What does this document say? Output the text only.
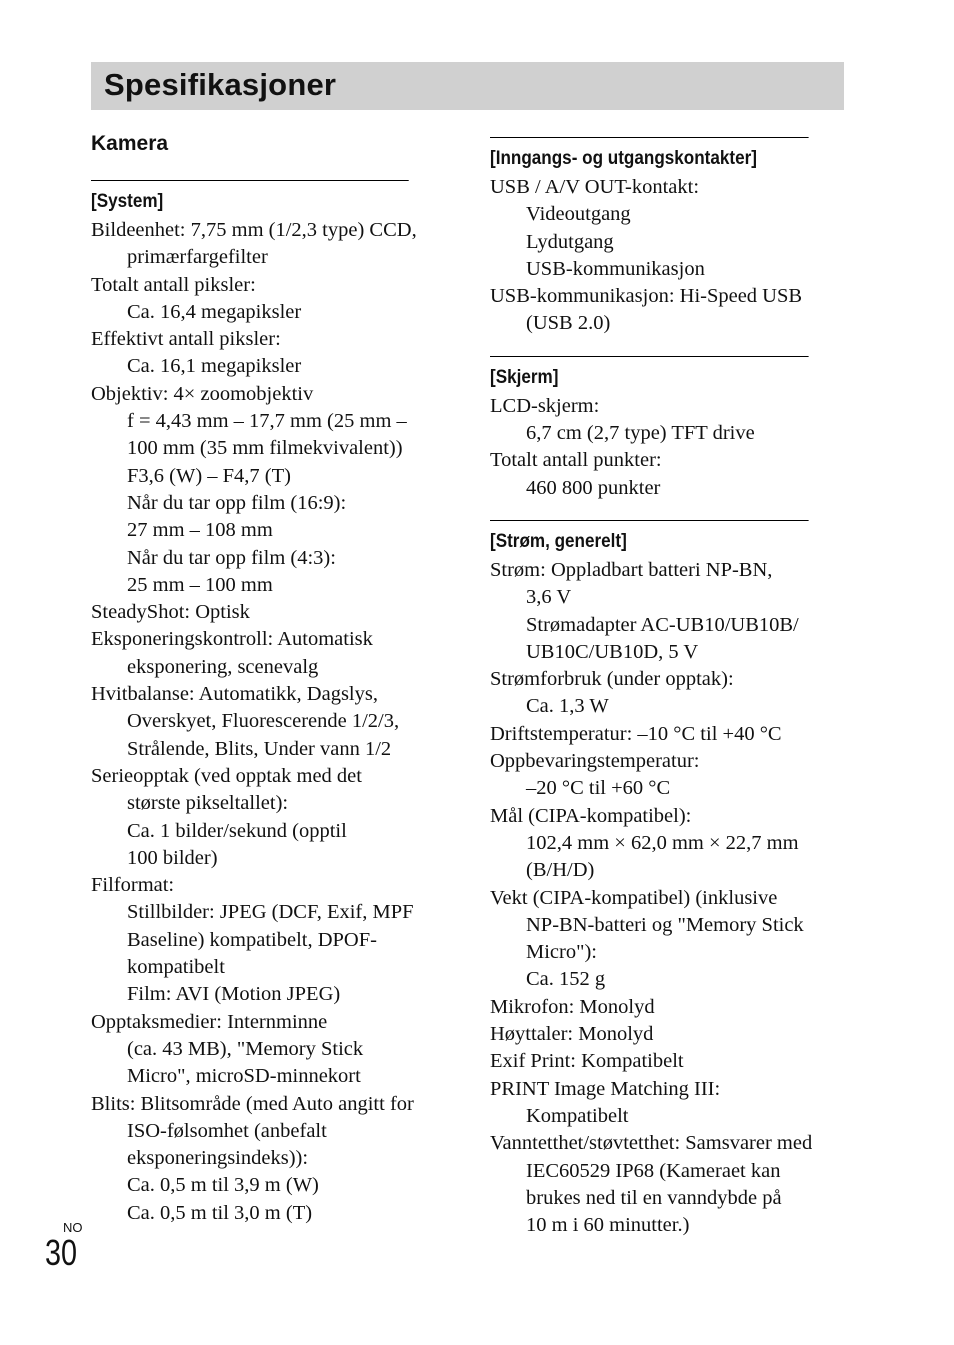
Spesifikasjoner
Kamera
[System]
Bildeenhet: 7,75 mm (1/2,3 type) CCD,
primærfargefilter
Totalt antall piksler:
Ca. 16,4 megapiksler
Effektivt antall piksler:
Ca. 16,1 megapiksler
Objektiv: 4× zoomobjektiv
f = 4,43 mm – 17,7 mm (25 mm –
100 mm (35 mm filmekvivalent))
F3,6 (W) – F4,7 (T)
Når du tar opp film (16:9):
27 mm – 108 mm
Når du tar opp film (4:3):
25 mm – 100 mm
SteadyShot: Optisk
Eksponeringskontroll: Automatisk
eksponering, scenevalg
Hvitbalanse: Automatikk, Dagslys,
Overskyet, Fluorescerende 1/2/3,
Strålende, Blits, Under vann 1/2
Serieopptak (ved opptak med det
største pikseltallet):
Ca. 1 bilder/sekund (opptil
100 bilder)
Filformat:
Stillbilder: JPEG (DCF, Exif, MPF
Baseline) kompatibelt, DPOF-
kompatibelt
Film: AVI (Motion JPEG)
Opptaksmedier: Internminne
(ca. 43 MB), "Memory Stick
Micro", microSD-minnekort
Blits: Blitsområde (med Auto angitt for
ISO-følsomhet (anbefalt
eksponeringsindeks)):
Ca. 0,5 m til 3,9 m (W)
Ca. 0,5 m til 3,0 m (T)
[Inngangs- og utgangskontakter]
USB / A/V OUT-kontakt:
Videoutgang
Lydutgang
USB-kommunikasjon
USB-kommunikasjon: Hi-Speed USB
(USB 2.0)
[Skjerm]
LCD-skjerm:
6,7 cm (2,7 type) TFT drive
Totalt antall punkter:
460 800 punkter
[Strøm, generelt]
Strøm: Oppladbart batteri NP-BN,
3,6 V
Strømadapter AC-UB10/UB10B/
UB10C/UB10D, 5 V
Strømforbruk (under opptak):
Ca. 1,3 W
Driftstemperatur: –10 °C til +40 °C
Oppbevaringstemperatur:
–20 °C til +60 °C
Mål (CIPA-kompatibel):
102,4 mm × 62,0 mm × 22,7 mm
(B/H/D)
Vekt (CIPA-kompatibel) (inklusive
NP-BN-batteri og "Memory Stick
Micro"):
Ca. 152 g
Mikrofon: Monolyd
Høyttaler: Monolyd
Exif Print: Kompatibelt
PRINT Image Matching III:
Kompatibelt
Vanntetthet/støvtetthet: Samsvarer med
IEC60529 IP68 (Kameraet kan
brukes ned til en vanndybde på
10 m i 60 minutter.)
NO
30
